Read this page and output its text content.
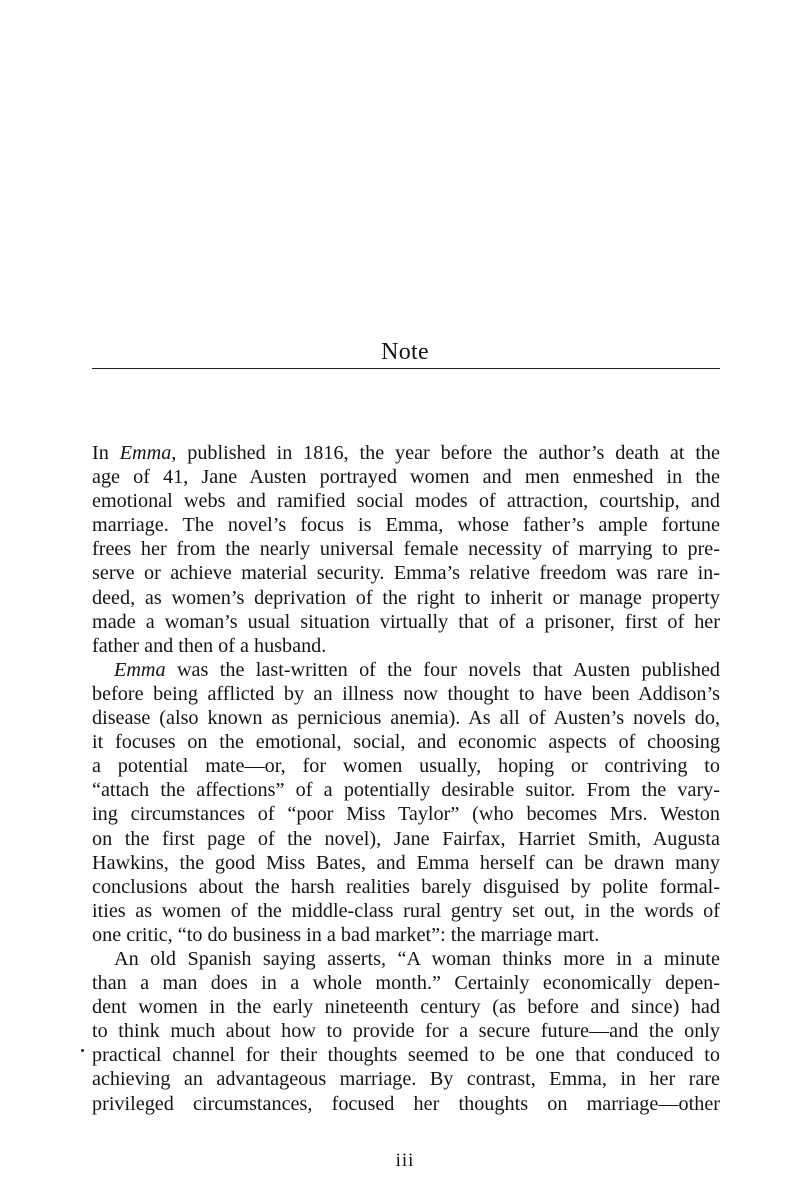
Note
In Emma, published in 1816, the year before the author’s death at the
age of 41, Jane Austen portrayed women and men enmeshed in the
emotional webs and ramified social modes of attraction, courtship, and
marriage. The novel’s focus is Emma, whose father’s ample fortune
frees her from the nearly universal female necessity of marrying to pre-
serve or achieve material security. Emma’s relative freedom was rare in-
deed, as women’s deprivation of the right to inherit or manage property
made a woman’s usual situation virtually that of a prisoner, first of her
father and then of a husband.
Emma was the last-written of the four novels that Austen published
before being afflicted by an illness now thought to have been Addison’s
disease (also known as pernicious anemia). As all of Austen’s novels do,
it focuses on the emotional, social, and economic aspects of choosing
a potential mate—or, for women usually, hoping or contriving to
“attach the affections” of a potentially desirable suitor. From the vary-
ing circumstances of “poor Miss Taylor” (who becomes Mrs. Weston
on the first page of the novel), Jane Fairfax, Harriet Smith, Augusta
Hawkins, the good Miss Bates, and Emma herself can be drawn many
conclusions about the harsh realities barely disguised by polite formal-
ities as women of the middle-class rural gentry set out, in the words of
one critic, “to do business in a bad market”: the marriage mart.
An old Spanish saying asserts, “A woman thinks more in a minute
than a man does in a whole month.” Certainly economically depen-
dent women in the early nineteenth century (as before and since) had
to think much about how to provide for a secure future—and the only
practical channel for their thoughts seemed to be one that conduced to
achieving an advantageous marriage. By contrast, Emma, in her rare
privileged circumstances, focused her thoughts on marriage—other
iii
